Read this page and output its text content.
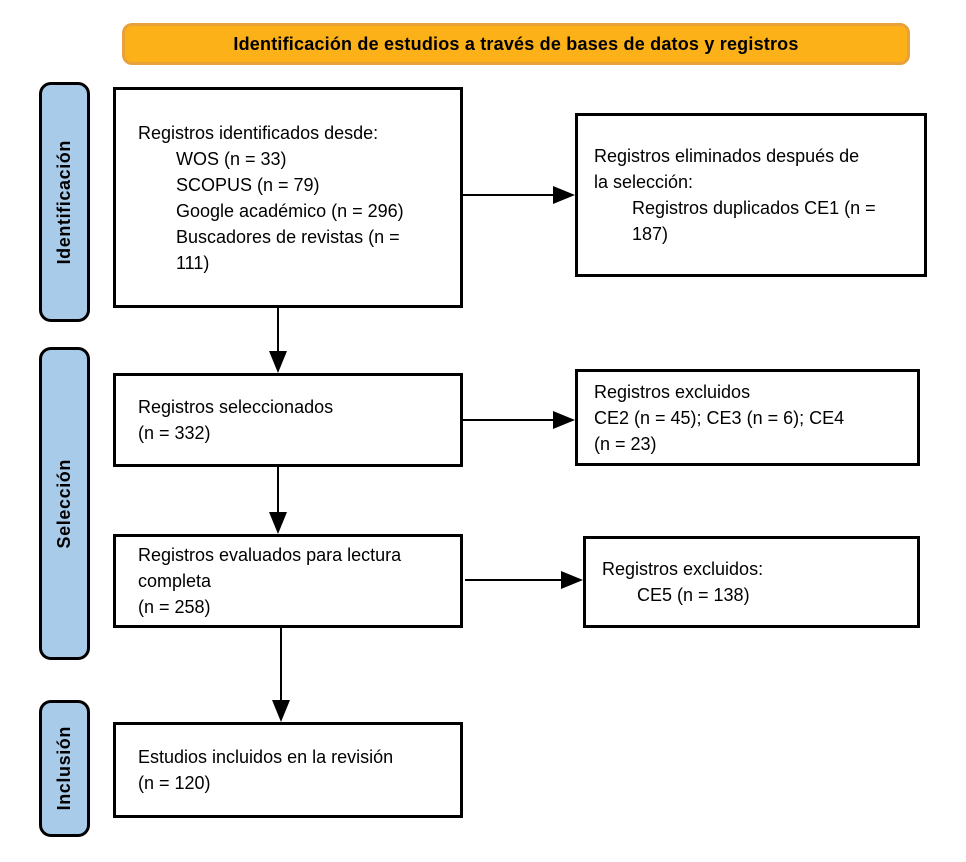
Identificación de estudios a través de bases de datos y registros
Identificación
Selección
Inclusión
Registros identificados desde:
WOS (n = 33)
SCOPUS (n = 79)
Google académico (n = 296)
Buscadores de revistas (n = 111)
Registros eliminados después de la selección:
Registros duplicados CE1 (n = 187)
Registros seleccionados
(n = 332)
Registros excluidos
CE2 (n = 45); CE3 (n = 6); CE4 (n = 23)
Registros evaluados para lectura completa
(n = 258)
Registros excluidos:
CE5 (n = 138)
Estudios incluidos en la revisión
(n = 120)
